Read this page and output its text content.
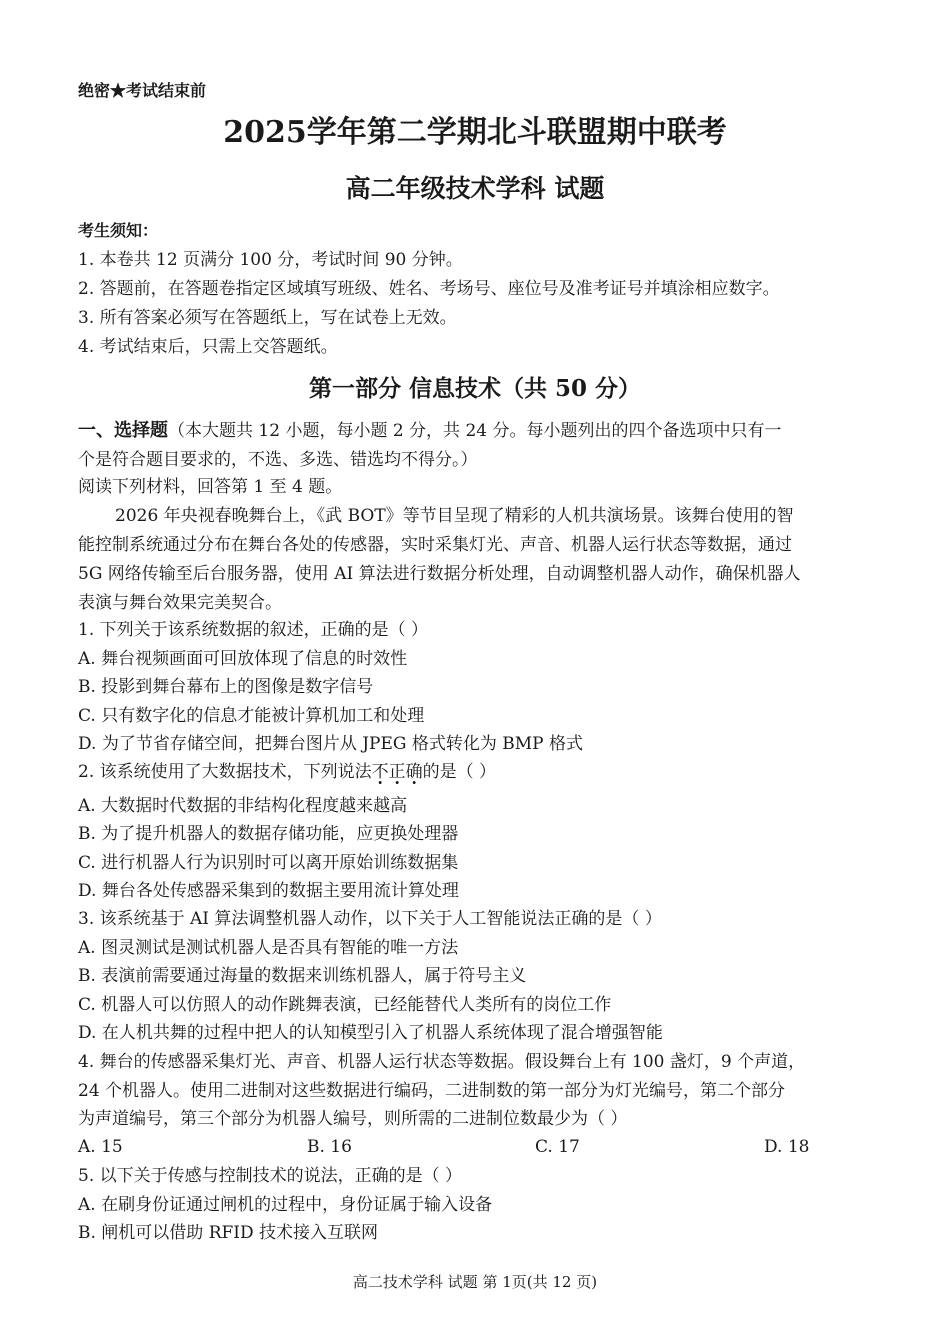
绝密★考试结束前
2025学年第二学期北斗联盟期中联考
高二年级技术学科 试题
考生须知：
1. 本卷共 12 页满分 100 分，考试时间 90 分钟。
2. 答题前，在答题卷指定区域填写班级、姓名、考场号、座位号及准考证号并填涂相应数字。
3. 所有答案必须写在答题纸上，写在试卷上无效。
4. 考试结束后，只需上交答题纸。
第一部分 信息技术（共 50 分）
一、选择题（本大题共 12 小题，每小题 2 分，共 24 分。每小题列出的四个备选项中只有一
个是符合题目要求的，不选、多选、错选均不得分。）
阅读下列材料，回答第 1 至 4 题。
2026 年央视春晚舞台上，《武 BOT》等节目呈现了精彩的人机共演场景。该舞台使用的智
能控制系统通过分布在舞台各处的传感器，实时采集灯光、声音、机器人运行状态等数据，通过
5G 网络传输至后台服务器，使用 AI 算法进行数据分析处理，自动调整机器人动作，确保机器人
表演与舞台效果完美契合。
1. 下列关于该系统数据的叙述，正确的是（ ）
A. 舞台视频画面可回放体现了信息的时效性
B. 投影到舞台幕布上的图像是数字信号
C. 只有数字化的信息才能被计算机加工和处理
D. 为了节省存储空间，把舞台图片从 JPEG 格式转化为 BMP 格式
2. 该系统使用了大数据技术，下列说法不正确的是（ ）
A. 大数据时代数据的非结构化程度越来越高
B. 为了提升机器人的数据存储功能，应更换处理器
C. 进行机器人行为识别时可以离开原始训练数据集
D. 舞台各处传感器采集到的数据主要用流计算处理
3. 该系统基于 AI 算法调整机器人动作，以下关于人工智能说法正确的是（ ）
A. 图灵测试是测试机器人是否具有智能的唯一方法
B. 表演前需要通过海量的数据来训练机器人，属于符号主义
C. 机器人可以仿照人的动作跳舞表演，已经能替代人类所有的岗位工作
D. 在人机共舞的过程中把人的认知模型引入了机器人系统体现了混合增强智能
4. 舞台的传感器采集灯光、声音、机器人运行状态等数据。假设舞台上有 100 盏灯，9 个声道，
24 个机器人。使用二进制对这些数据进行编码，二进制数的第一部分为灯光编号，第二个部分
为声道编号，第三个部分为机器人编号，则所需的二进制位数最少为（ ）
A. 15	B. 16	C. 17	D. 18
5. 以下关于传感与控制技术的说法，正确的是（ ）
A. 在刷身份证通过闸机的过程中，身份证属于输入设备
B. 闸机可以借助 RFID 技术接入互联网
高二技术学科 试题 第 1页(共 12 页)
